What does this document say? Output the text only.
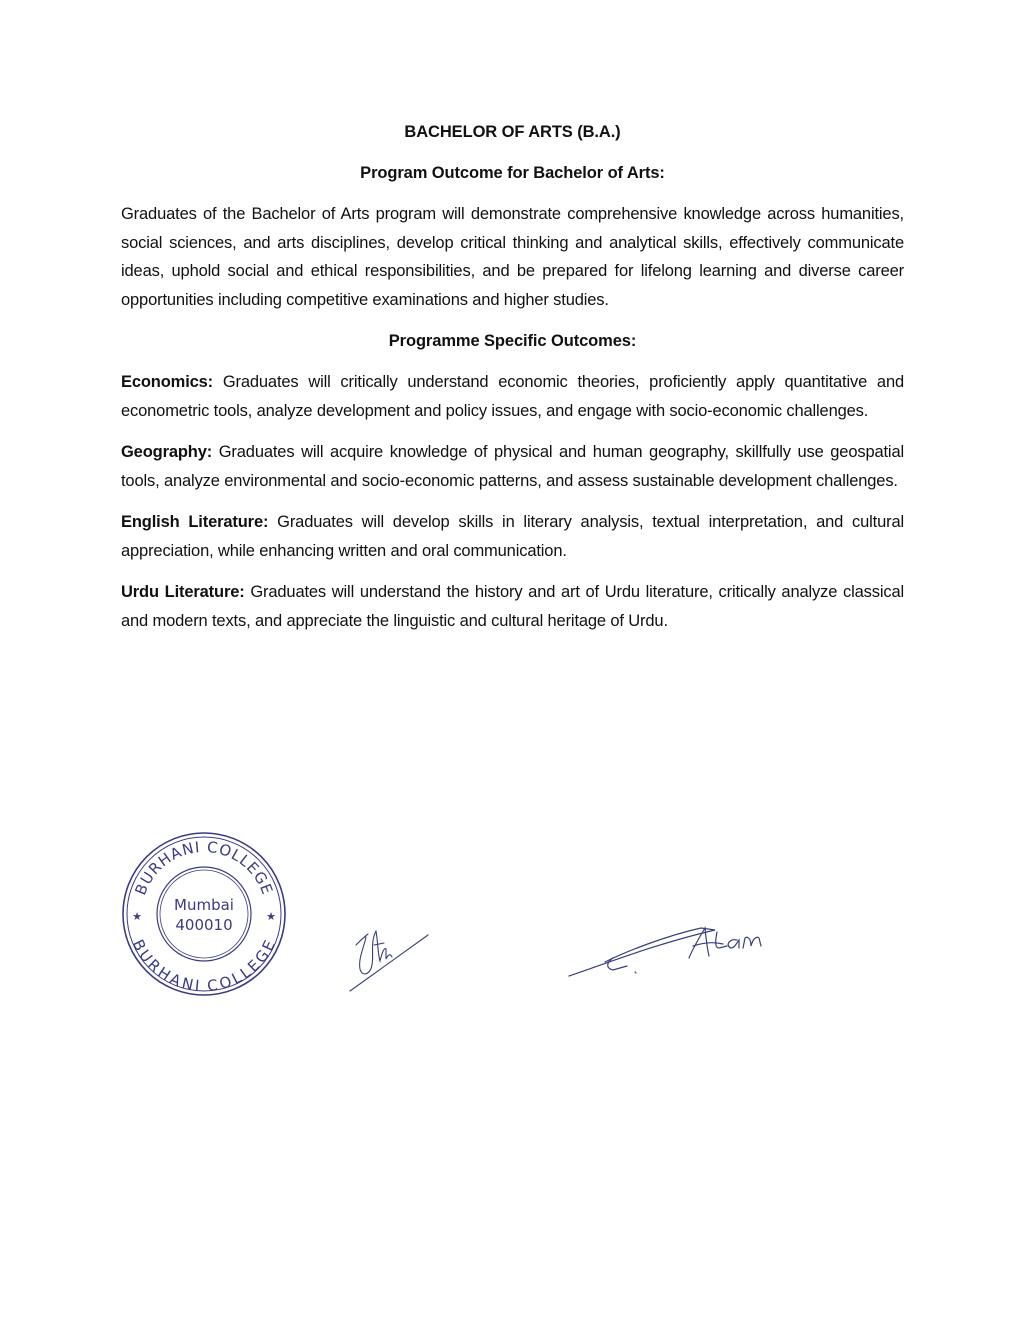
BACHELOR OF ARTS (B.A.)
Program Outcome for Bachelor of Arts:

Graduates of the Bachelor of Arts program will demonstrate comprehensive knowledge across humanities, social sciences, and arts disciplines, develop critical thinking and analytical skills, effectively communicate ideas, uphold social and ethical responsibilities, and be prepared for lifelong learning and diverse career opportunities including competitive examinations and higher studies.

Programme Specific Outcomes:

Economics: Graduates will critically understand economic theories, proficiently apply quantitative and econometric tools, analyze development and policy issues, and engage with socio-economic challenges.

Geography: Graduates will acquire knowledge of physical and human geography, skillfully use geospatial tools, analyze environmental and socio-economic patterns, and assess sustainable development challenges.

English Literature: Graduates will develop skills in literary analysis, textual interpretation, and cultural appreciation, while enhancing written and oral communication.

Urdu Literature: Graduates will understand the history and art of Urdu literature, critically analyze classical and modern texts, and appreciate the linguistic and cultural heritage of Urdu.

BURHANI COLLEGE
BURHANI COLLEGE
★	★
Mumbai
400010
